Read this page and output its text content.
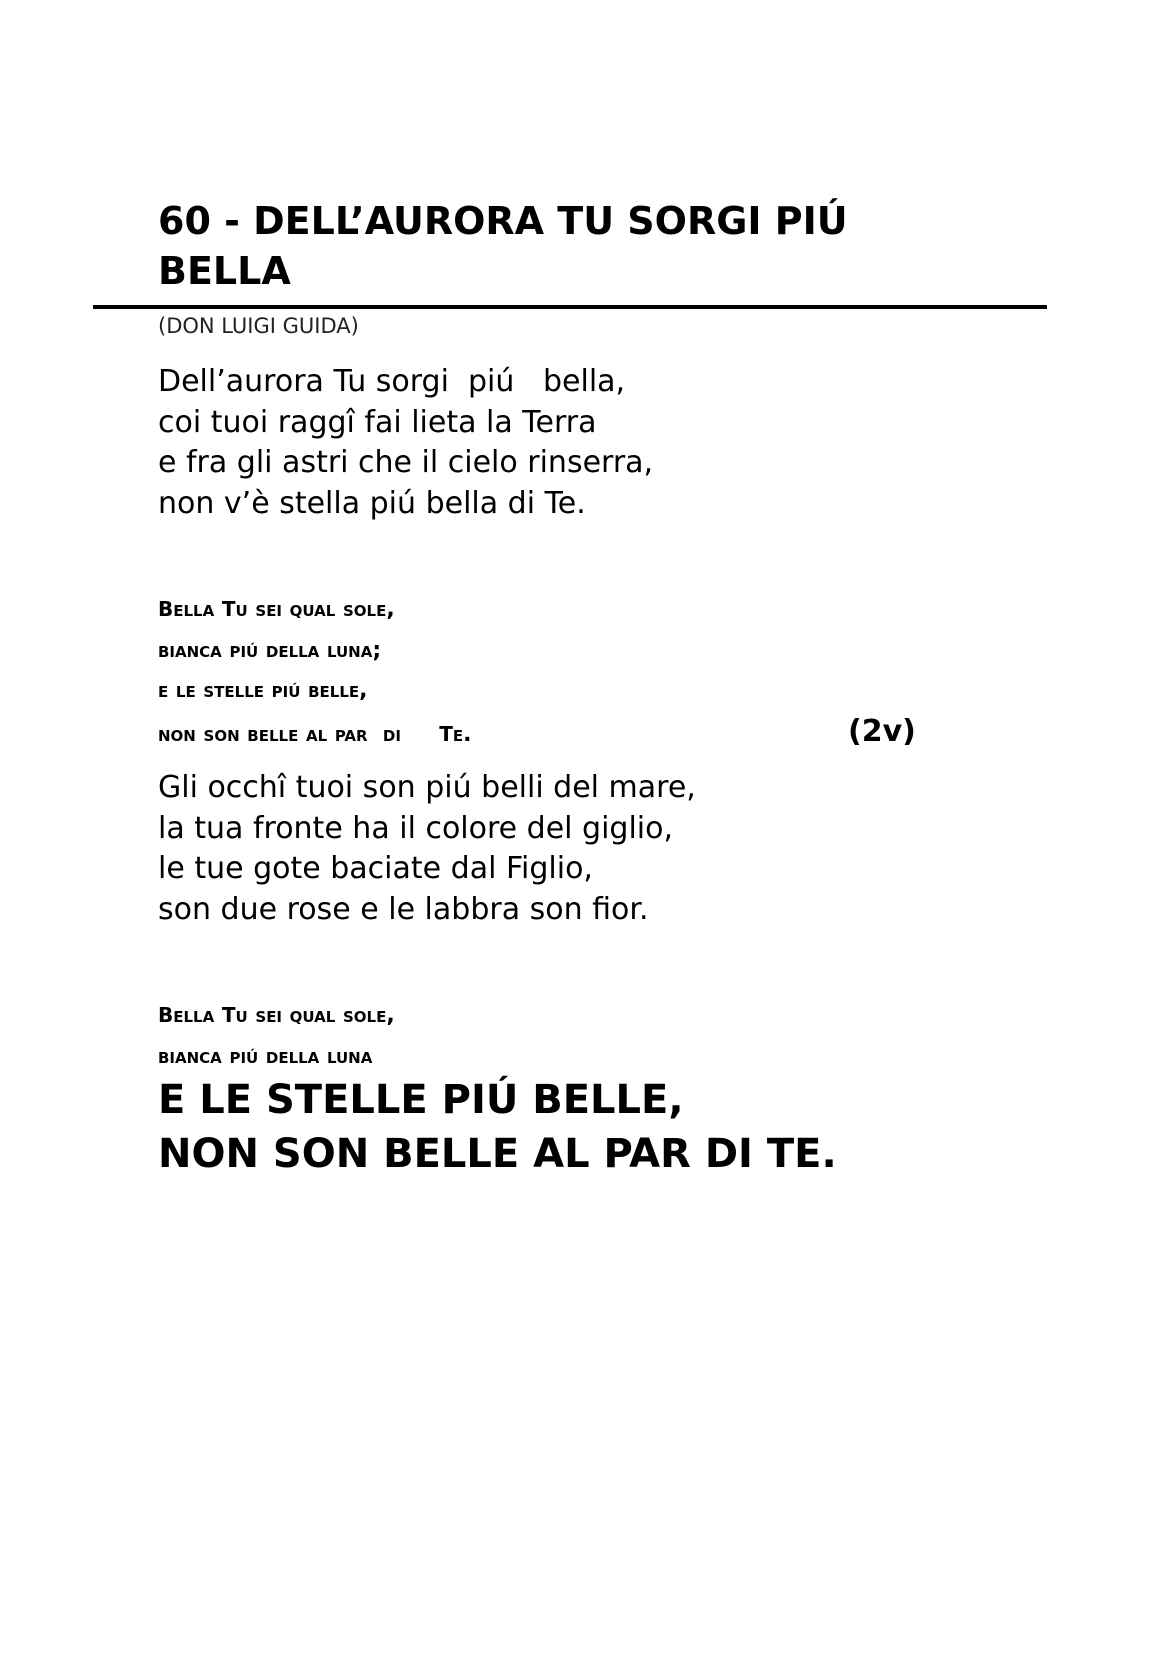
60 - DELL’AURORA TU SORGI PIÚ BELLA
(DON LUIGI GUIDA)
Dell’aurora Tu sorgi  piú   bella,
coi tuoi raggî fai lieta la Terra
e fra gli astri che il cielo rinserra,
non v’è stella piú bella di Te.
bella tu sei qual sole,
bianca piú della luna;
e le stelle piú belle,
non son belle al par  di     te.	(2v)
Gli occhî tuoi son piú belli del mare,
la tua fronte ha il colore del giglio,
le tue gote baciate dal Figlio,
son due rose e le labbra son fior.
bella tu sei qual sole,
bianca piú della luna
E LE STELLE PIÚ BELLE,
NON SON BELLE AL PAR DI TE.
